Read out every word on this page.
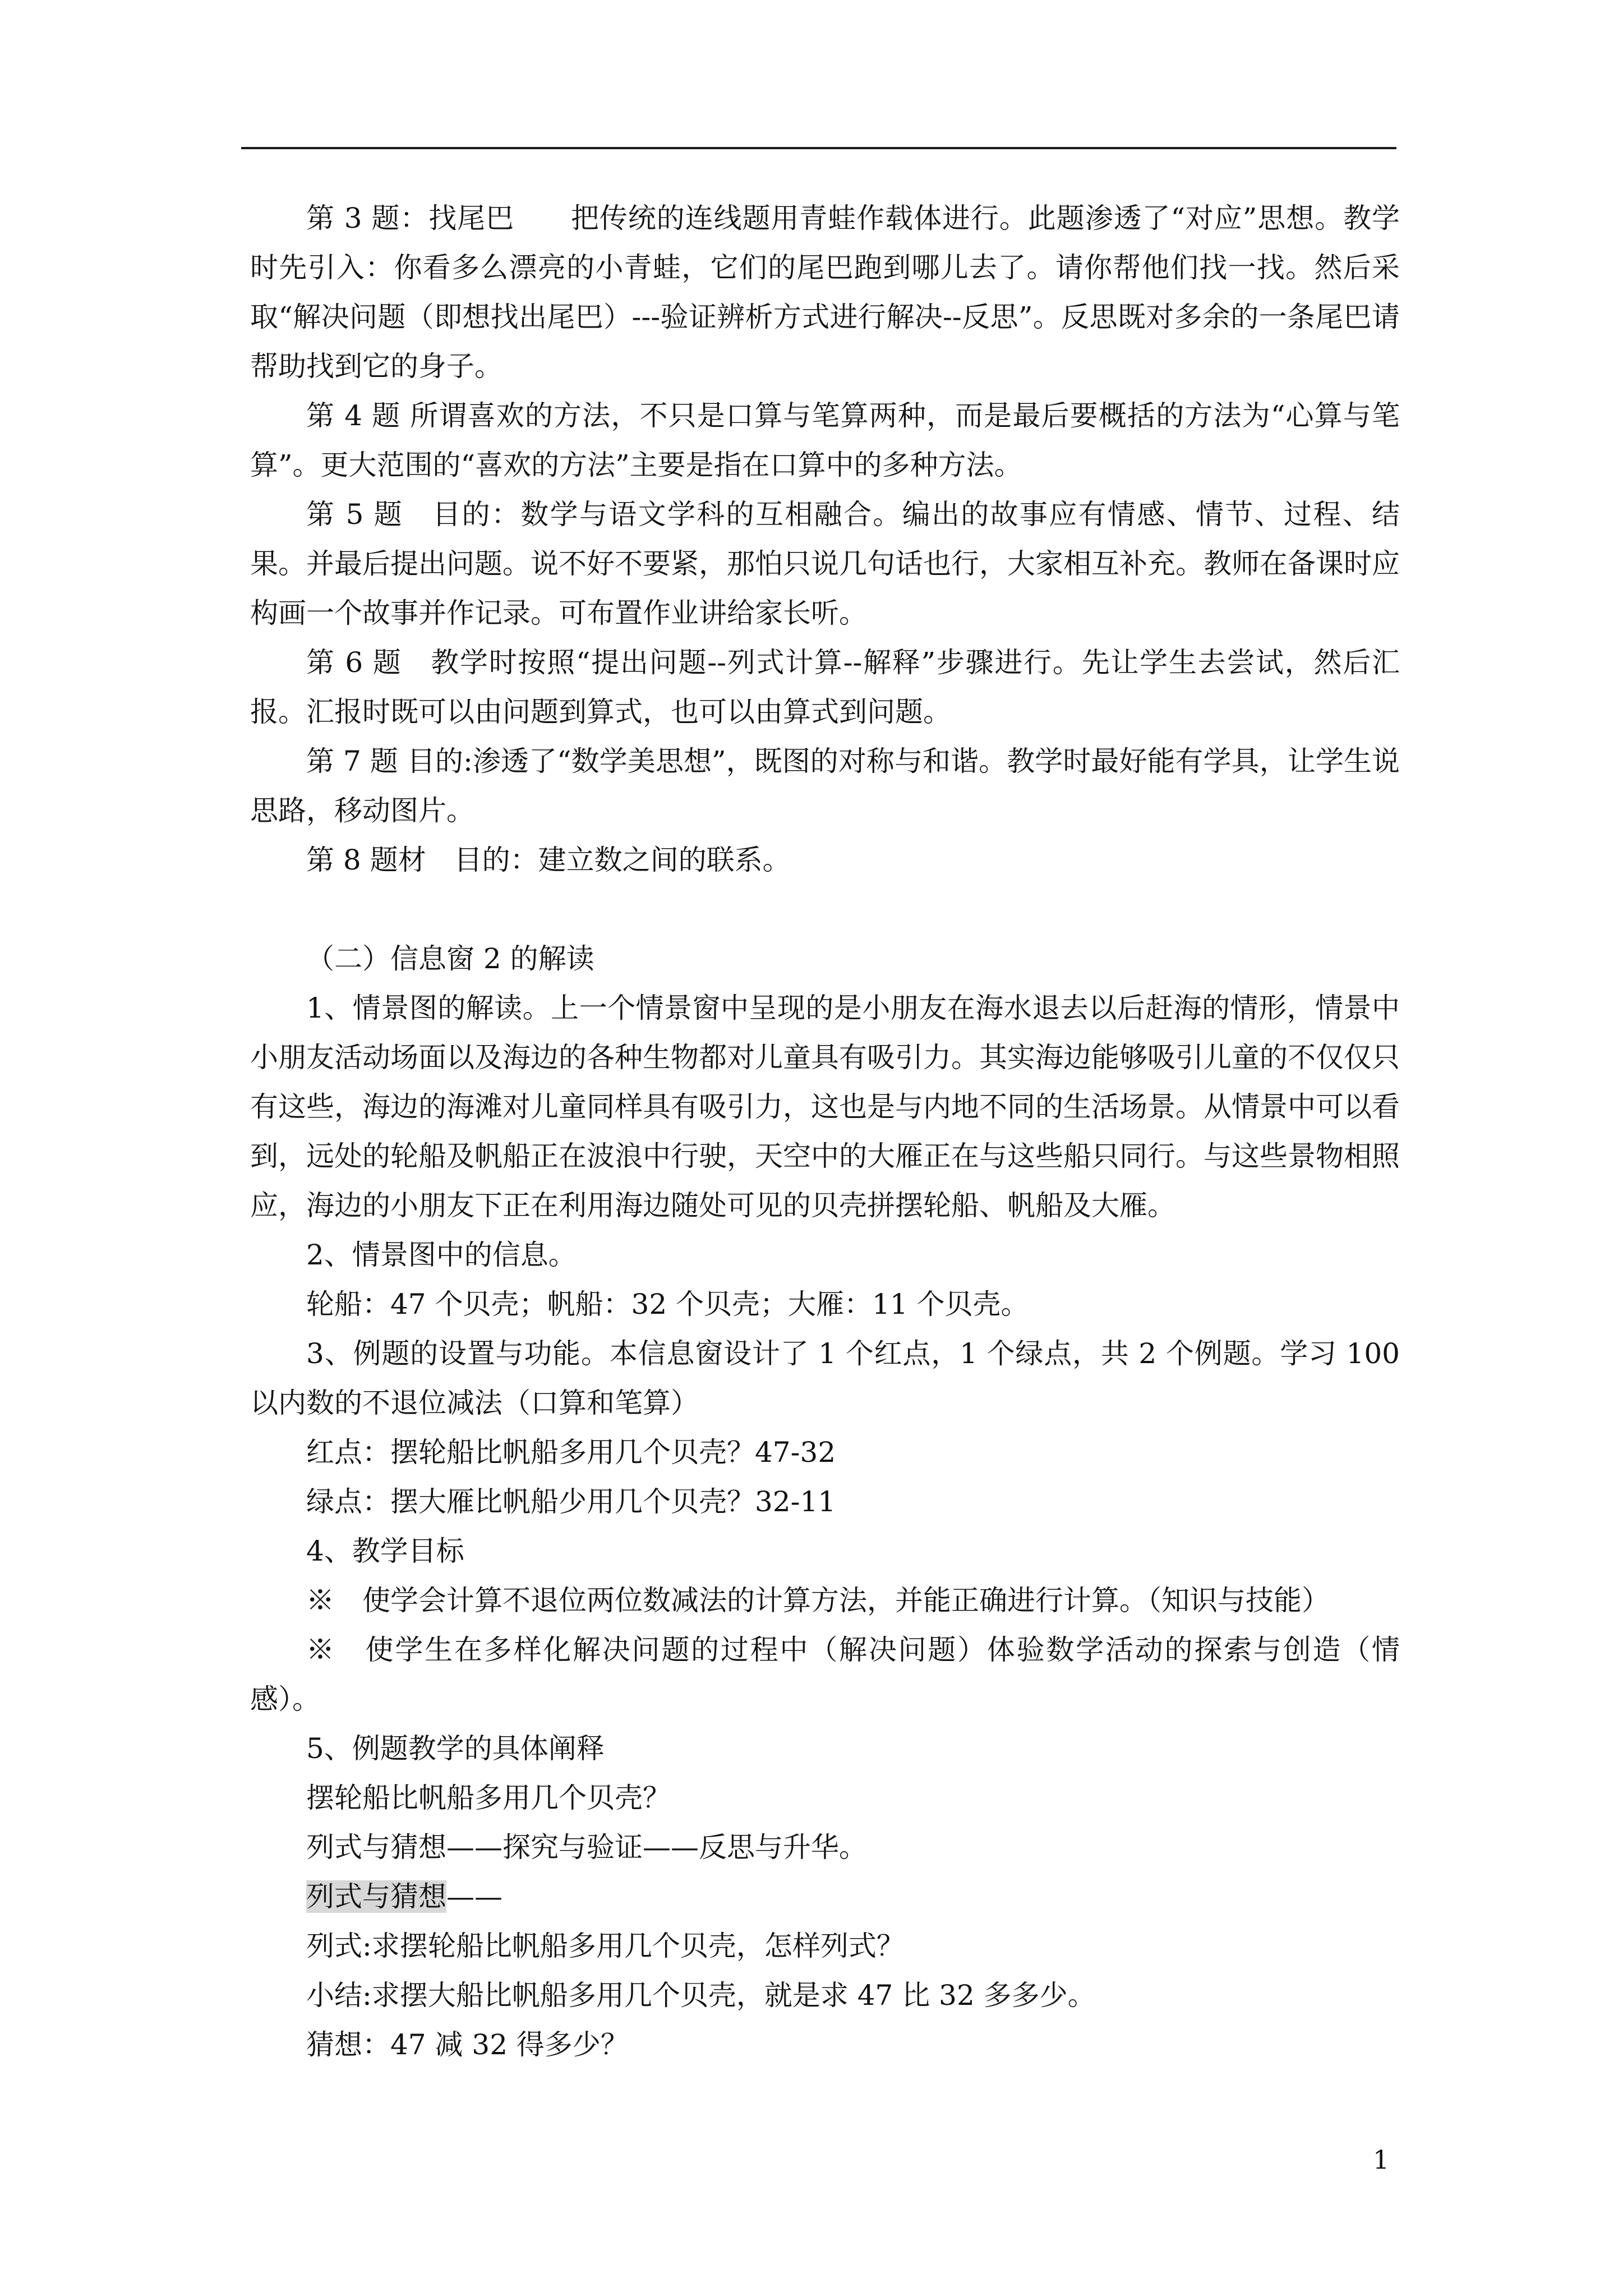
第 3 题：找尾巴 把传统的连线题用青蛙作载体进行。此题渗透了“对应”思想。教学时先引入：你看多么漂亮的小青蛙，它们的尾巴跑到哪儿去了。请你帮他们找一找。然后采取“解决问题（即想找出尾巴）---验证辨析方式进行解决--反思”。反思既对多余的一条尾巴请帮助找到它的身子。

第 4 题 所谓喜欢的方法，不只是口算与笔算两种，而是最后要概括的方法为“心算与笔算”。更大范围的“喜欢的方法”主要是指在口算中的多种方法。

第 5 题 目的：数学与语文学科的互相融合。编出的故事应有情感、情节、过程、结果。并最后提出问题。说不好不要紧，那怕只说几句话也行，大家相互补充。教师在备课时应构画一个故事并作记录。可布置作业讲给家长听。

第 6 题 教学时按照“提出问题--列式计算--解释”步骤进行。先让学生去尝试，然后汇报。汇报时既可以由问题到算式，也可以由算式到问题。

第 7 题 目的:渗透了“数学美思想”，既图的对称与和谐。教学时最好能有学具，让学生说思路，移动图片。

第 8 题材 目的：建立数之间的联系。

（二）信息窗 2 的解读

1、情景图的解读。上一个情景窗中呈现的是小朋友在海水退去以后赶海的情形，情景中小朋友活动场面以及海边的各种生物都对儿童具有吸引力。其实海边能够吸引儿童的不仅仅只有这些，海边的海滩对儿童同样具有吸引力，这也是与内地不同的生活场景。从情景中可以看到，远处的轮船及帆船正在波浪中行驶，天空中的大雁正在与这些船只同行。与这些景物相照应，海边的小朋友下正在利用海边随处可见的贝壳拼摆轮船、帆船及大雁。

2、情景图中的信息。

轮船：47 个贝壳；帆船：32 个贝壳；大雁：11 个贝壳。

3、例题的设置与功能。本信息窗设计了 1 个红点，1 个绿点，共 2 个例题。学习 100 以内数的不退位减法（口算和笔算）

红点：摆轮船比帆船多用几个贝壳？47-32

绿点：摆大雁比帆船少用几个贝壳？32-11

4、教学目标

※　使学会计算不退位两位数减法的计算方法，并能正确进行计算。（知识与技能）

※　使学生在多样化解决问题的过程中（解决问题）体验数学活动的探索与创造（情感）。

5、例题教学的具体阐释

摆轮船比帆船多用几个贝壳？

列式与猜想——探究与验证——反思与升华。

列式与猜想——

列式:求摆轮船比帆船多用几个贝壳，怎样列式？

小结:求摆大船比帆船多用几个贝壳，就是求 47 比 32 多多少。

猜想：47 减 32 得多少？

1
